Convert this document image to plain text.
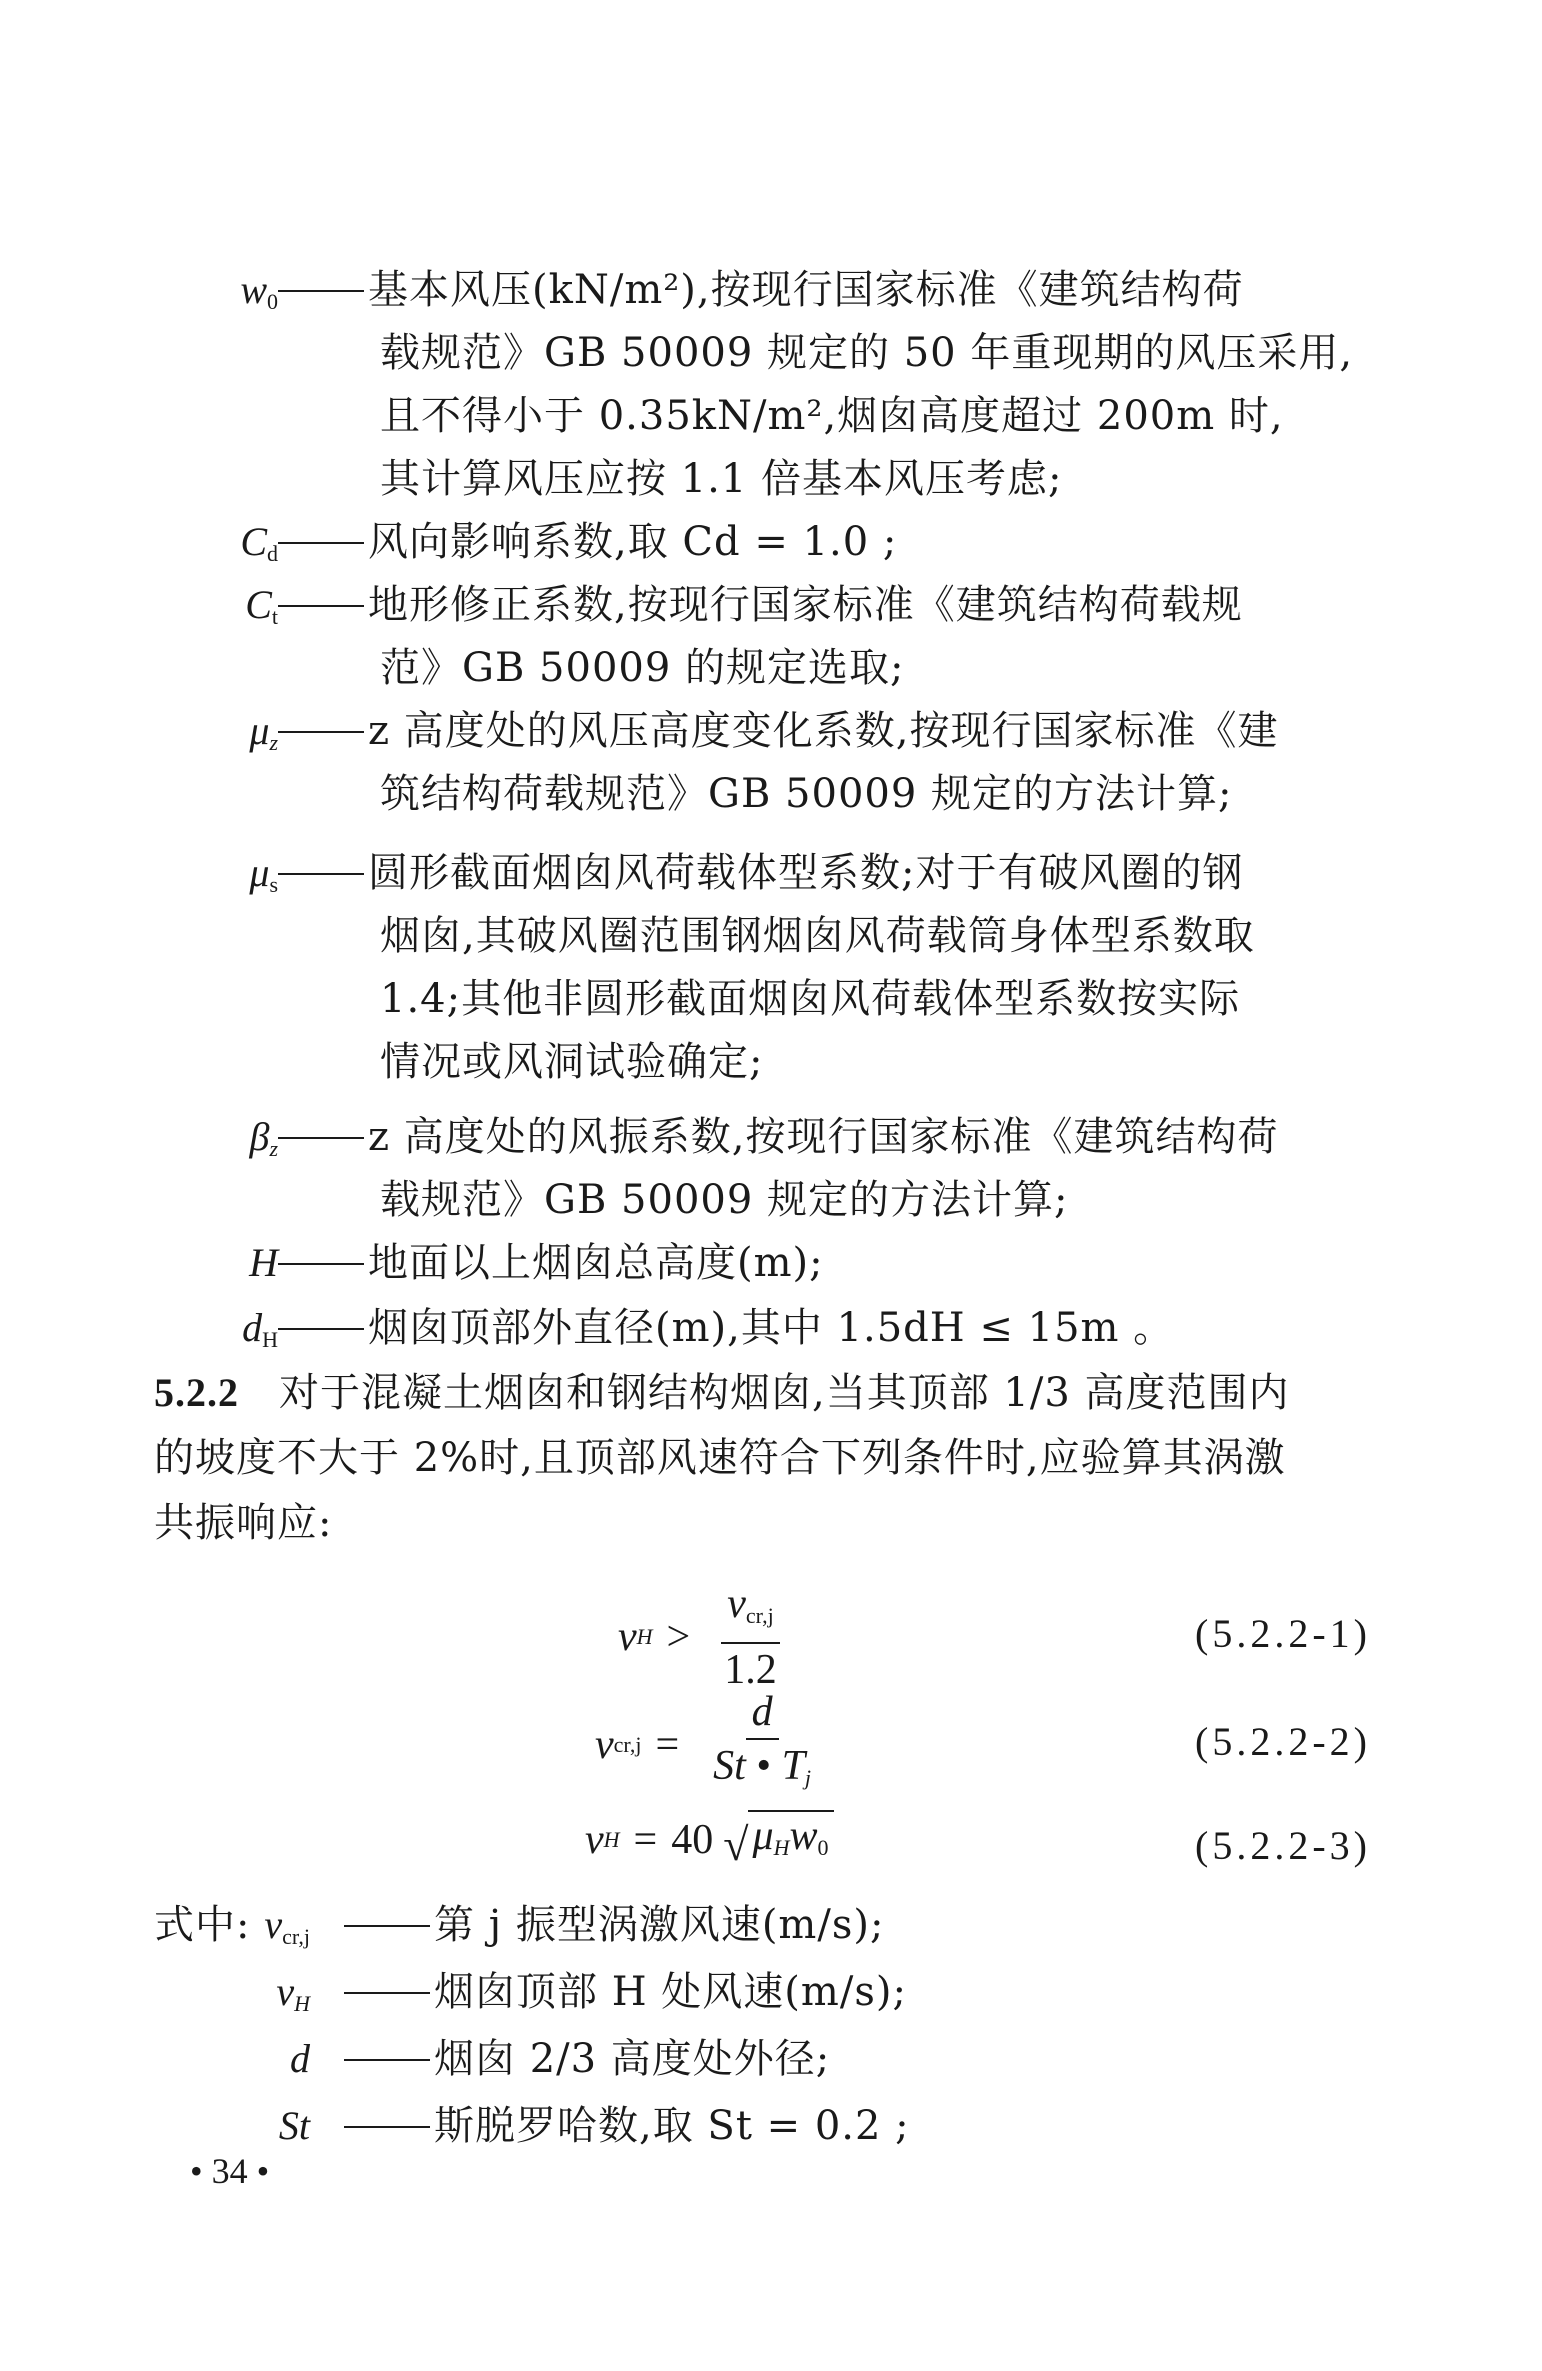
$w_0$	基本风压(kN/m²),按现行国家标准《建筑结构荷
载规范》GB 50009 规定的 50 年重现期的风压采用,
且不得小于 0.35kN/m²,烟囱高度超过 200m 时,
其计算风压应按 1.1 倍基本风压考虑;
$C_d$	风向影响系数,取 Cd = 1.0 ;
$C_t$	地形修正系数,按现行国家标准《建筑结构荷载规
范》GB 50009 的规定选取;
$\mu_z$	z 高度处的风压高度变化系数,按现行国家标准《建
筑结构荷载规范》GB 50009 规定的方法计算;
$\mu_s$	圆形截面烟囱风荷载体型系数;对于有破风圈的钢
烟囱,其破风圈范围钢烟囱风荷载筒身体型系数取
1.4;其他非圆形截面烟囱风荷载体型系数按实际
情况或风洞试验确定;
$\beta_z$	z 高度处的风振系数,按现行国家标准《建筑结构荷
载规范》GB 50009 规定的方法计算;
H	地面以上烟囱总高度(m);
$d_H$	烟囱顶部外直径(m),其中 1.5dH ≤ 15m 。
5.2.2 对于混凝土烟囱和钢结构烟囱,当其顶部 1/3 高度范围内
的坡度不大于 2%时,且顶部风速符合下列条件时,应验算其涡激
共振响应:
v $H > \frac{v_{cr,j}}{1.2}$	(5.2.2-1)
v $cr,j = \frac{d}{St • T_j}$	(5.2.2-2)
v H = 40 √ $\mu_Hw_0$	(5.2.2-3)
式中: $v_{cr,j}$	第 j 振型涡激风速(m/s);
$v_H$	烟囱顶部 H 处风速(m/s);
d	烟囱 2/3 高度处外径;
St	斯脱罗哈数,取 St = 0.2 ;
• 34 •
